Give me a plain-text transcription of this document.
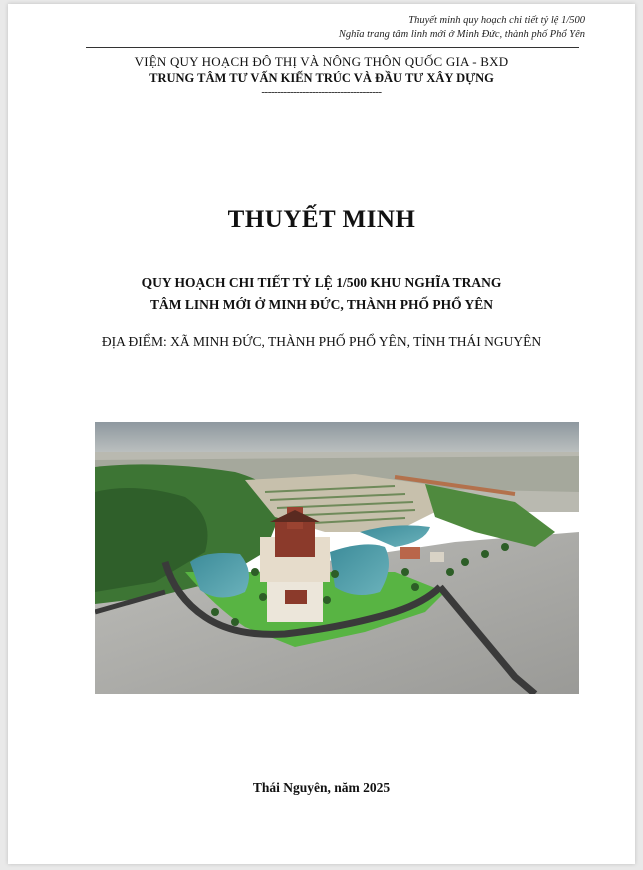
Thuyết minh quy hoạch chi tiết tỷ lệ 1/500
Nghĩa trang tâm linh mới ở Minh Đức, thành phố Phổ Yên
VIỆN QUY HOẠCH ĐÔ THỊ VÀ NÔNG THÔN QUỐC GIA - BXD
TRUNG TÂM TƯ VẤN KIẾN TRÚC VÀ ĐẦU TƯ XÂY DỰNG
--------------------------------------
THUYẾT MINH
QUY HOẠCH CHI TIẾT TỶ LỆ 1/500 KHU NGHĨA TRANG
TÂM LINH MỚI Ở MINH ĐỨC, THÀNH PHỐ PHỔ YÊN
ĐỊA ĐIỂM: XÃ MINH ĐỨC, THÀNH PHỐ PHỔ YÊN, TỈNH THÁI NGUYÊN
Thái Nguyên, năm 2025
